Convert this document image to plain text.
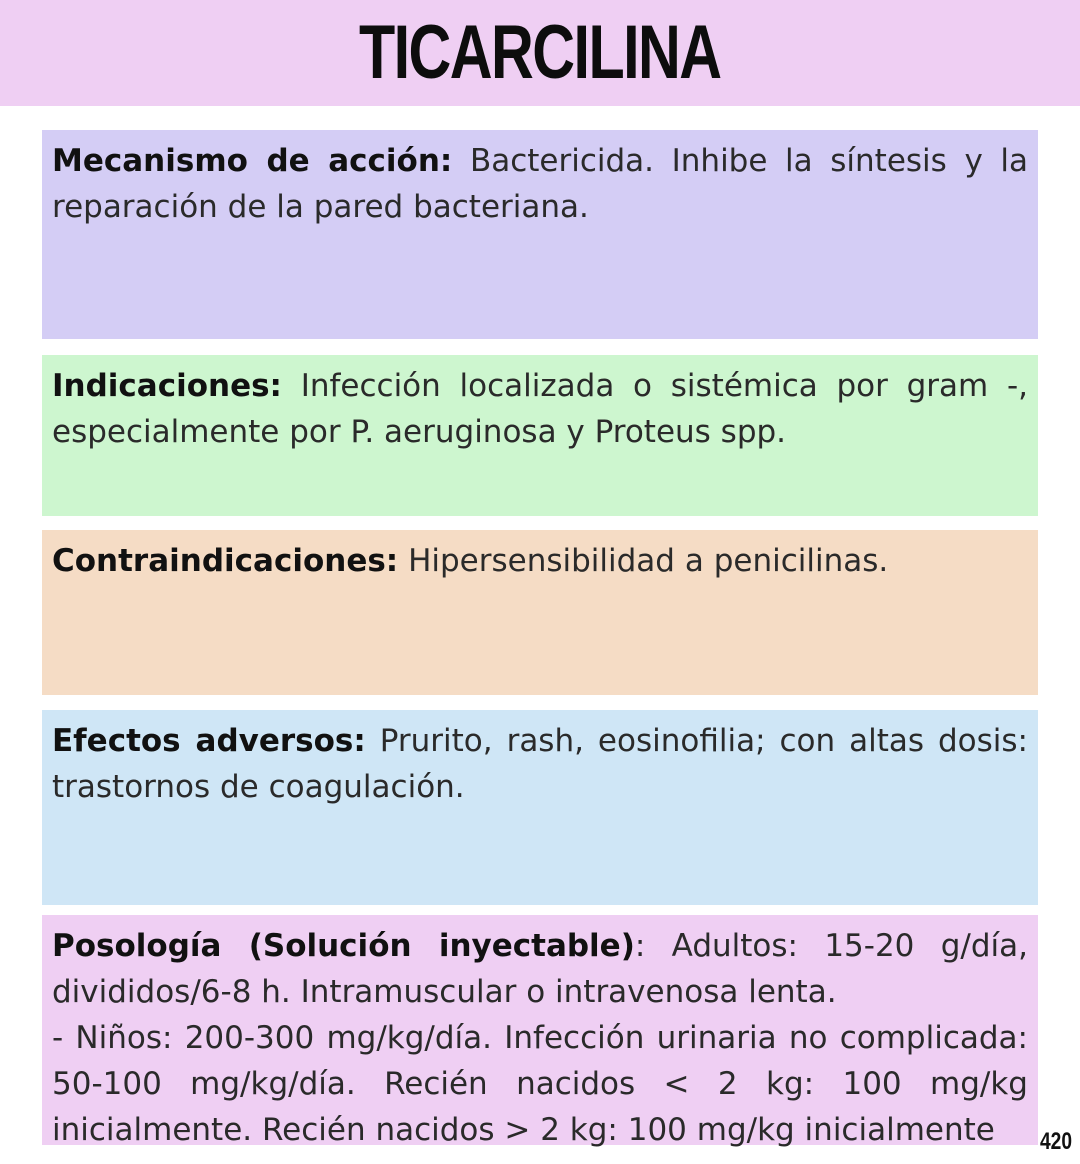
TICARCILINA
Mecanismo de acción: Bactericida. Inhibe la síntesis y la reparación de la pared bacteriana.
Indicaciones: Infección localizada o sistémica por gram -, especialmente por P. aeruginosa y Proteus spp.
Contraindicaciones: Hipersensibilidad a penicilinas.
Efectos adversos: Prurito, rash, eosinofilia; con altas dosis: trastornos de coagulación.
Posología (Solución inyectable): Adultos: 15-20 g/día, divididos/6-8 h. Intramuscular o intravenosa lenta.
- Niños: 200-300 mg/kg/día. Infección urinaria no complicada: 50-100 mg/kg/día. Recién nacidos < 2 kg: 100 mg/kg inicialmente. Recién nacidos > 2 kg: 100 mg/kg inicialmente	420
